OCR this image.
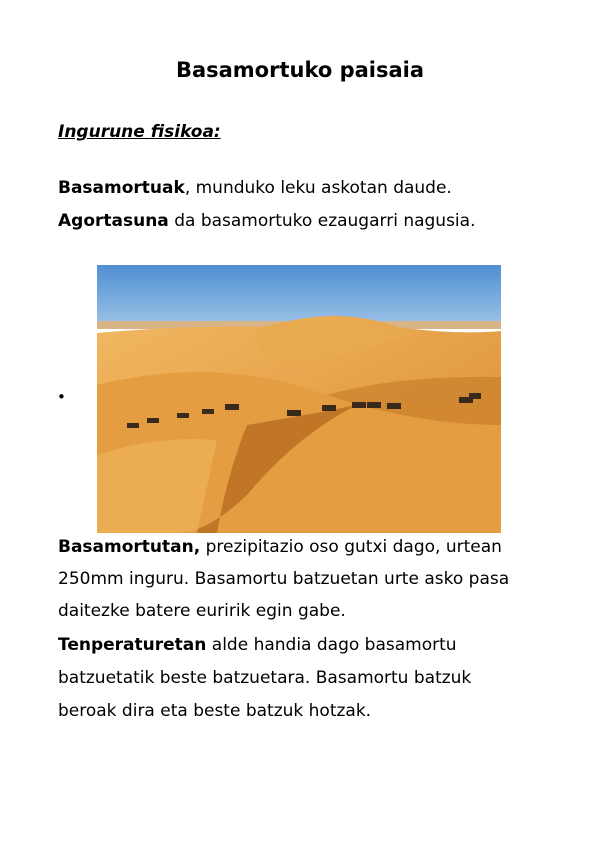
Basamortuko paisaia
Ingurune fisikoa:
Basamortuak, munduko leku askotan daude.
Agortasuna da basamortuko ezaugarri nagusia.
•
Basamortutan, prezipitazio oso gutxi dago, urtean
250mm inguru. Basamortu batzuetan urte asko pasa
daitezke batere euririk egin gabe.
Tenperaturetan alde handia dago basamortu
batzuetatik beste batzuetara. Basamortu batzuk
beroak dira eta beste batzuk hotzak.
